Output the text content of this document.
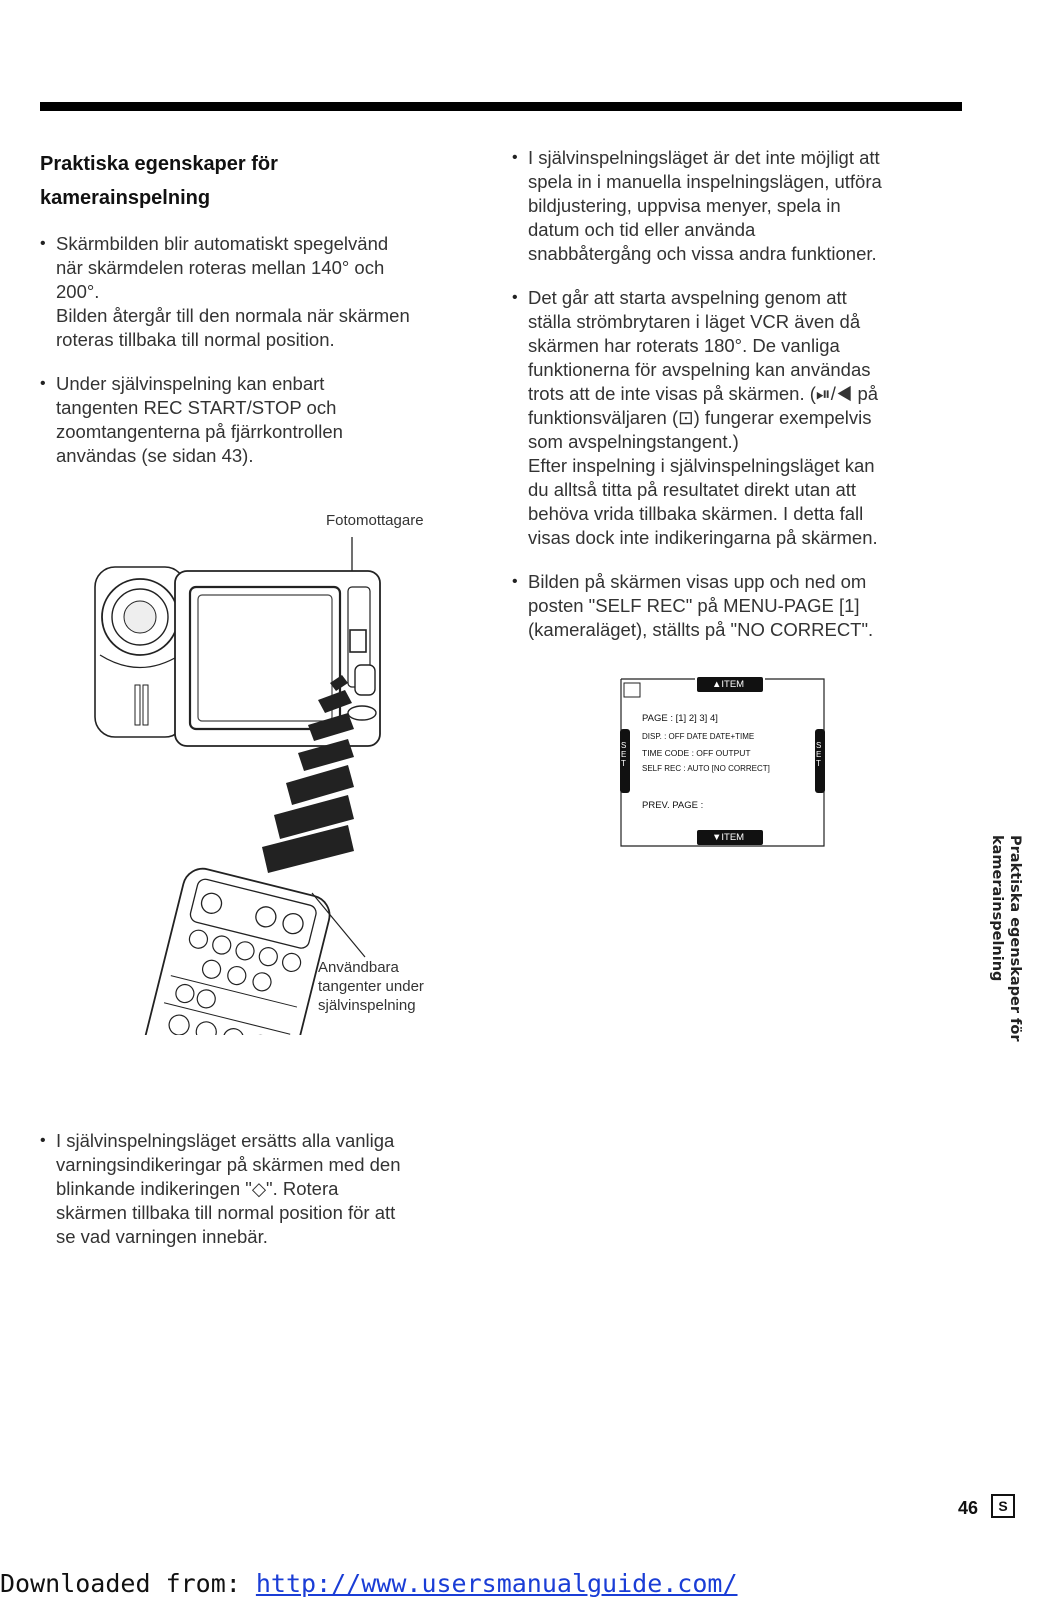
Praktiska egenskaper för
kamerainspelning

• Skärmbilden blir automatiskt spegelvänd

när skärmdelen roteras mellan 140° och

200°.

Bilden återgår till den normala när skärmen

roteras tillbaka till normal position.

• Under självinspelning kan enbart

tangenten REC START/STOP och

zoomtangenterna på fjärrkontrollen

användas (se sidan 43).

Fotomottagare
Användbara
tangenter under
självinspelning

• I självinspelningsläget ersätts alla vanliga

varningsindikeringar på skärmen med den

blinkande indikeringen "◇". Rotera

skärmen tillbaka till normal position för att

se vad varningen innebär.

• I självinspelningsläget är det inte möjligt att

spela in i manuella inspelningslägen, utföra

bildjustering, uppvisa menyer, spela in

datum och tid eller använda

snabbåtergång och vissa andra funktioner.

• Det går att starta avspelning genom att

ställa strömbrytaren i läget VCR även då

skärmen har roterats 180°. De vanliga

funktionerna för avspelning kan användas

trots att de inte visas på skärmen. (⏯/◀ på

funktionsväljaren (⊡) fungerar exempelvis

som avspelningstangent.)

Efter inspelning i självinspelningsläget kan

du alltså titta på resultatet direkt utan att

behöva vrida tillbaka skärmen. I detta fall

visas dock inte indikeringarna på skärmen.

• Bilden på skärmen visas upp och ned om

posten "SELF REC" på MENU-PAGE [1]

(kameraläget), ställts på "NO CORRECT".

▲ITEM
▼ITEM
PAGE : [1] 2] 3] 4]
DISP. : OFF DATE DATE+TIME
TIME CODE : OFF OUTPUT
SELF REC : AUTO [NO CORRECT]
PREV. PAGE :
SET
SET
Praktiska egenskaper för
kamerainspelning
46	S
Downloaded from: http://www.usersmanualguide.com/
